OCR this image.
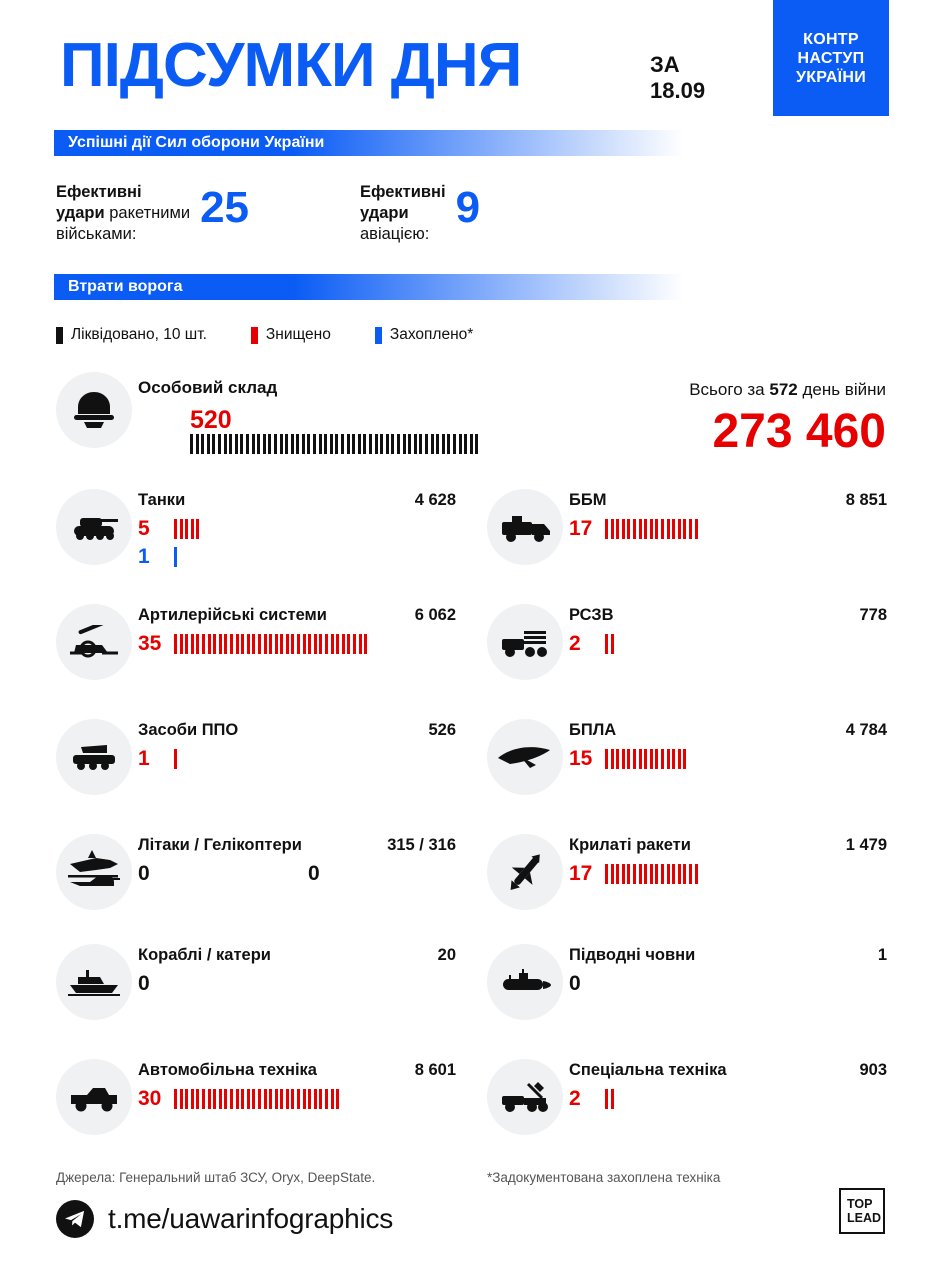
ПІДСУМКИ ДНЯ	ЗА
18.09
КОНТР
НАСТУП
УКРАЇНИ
Успішні дії Сил оборони України
Ефективні
удари ракетними
військами:
25	Ефективні
удари
авіацією:
9
Втрати ворога
Ліквідовано, 10 шт.	Знищено	Захоплено*
Особовий склад
520
Всього за 572 день війни
273 460
Танки	4 628
5
1
ББМ	8 851
17
Артилерійські системи	6 062
35
РСЗВ	778
2
Засоби ППО	526
1
БПЛА	4 784
15
Літаки / Гелікоптери	315 / 316
0	0
Крилаті ракети	1 479
17
Кораблі / катери	20
0
Підводні човни	1
0
Автомобільна техніка	8 601
30
Спеціальна техніка	903
2
Джерела: Генеральний штаб ЗСУ, Oryx, DeepState.	*Задокументована захоплена техніка
t.me/uawarinfographics	TOP
LEAD
